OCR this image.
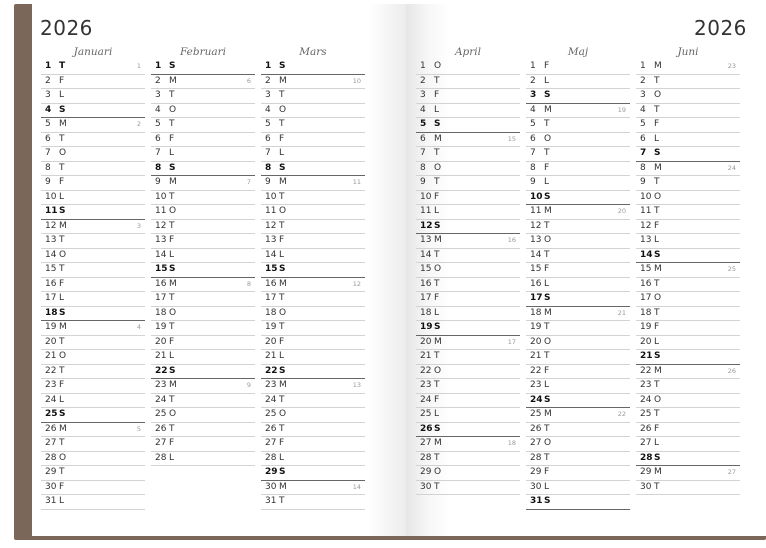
2026	2026
Januari
1 T	1
2 F
3 L
4 S
5 M	2
6 T
7 O
8 T
9 F
10 L
11 S
12 M	3
13 T
14 O
15 T
16 F
17 L
18 S
19 M	4
20 T
21 O
22 T
23 F
24 L
25 S
26 M	5
27 T
28 O
29 T
30 F
31 L
Februari
1 S
2 M	6
3 T
4 O
5 T
6 F
7 L
8 S
9 M	7
10 T
11 O
12 T
13 F
14 L
15 S
16 M	8
17 T
18 O
19 T
20 F
21 L
22 S
23 M	9
24 T
25 O
26 T
27 F
28 L
Mars
1 S
2 M	10
3 T
4 O
5 T
6 F
7 L
8 S
9 M	11
10 T
11 O
12 T
13 F
14 L
15 S
16 M	12
17 T
18 O
19 T
20 F
21 L
22 S
23 M	13
24 T
25 O
26 T
27 F
28 L
29 S
30 M	14
31 T
April
1 O
2 T
3 F
4 L
5 S
6 M	15
7 T
8 O
9 T
10 F
11 L
12 S
13 M	16
14 T
15 O
16 T
17 F
18 L
19 S
20 M	17
21 T
22 O
23 T
24 F
25 L
26 S
27 M	18
28 T
29 O
30 T
Maj
1 F
2 L
3 S
4 M	19
5 T
6 O
7 T
8 F
9 L
10 S
11 M	20
12 T
13 O
14 T
15 F
16 L
17 S
18 M	21
19 T
20 O
21 T
22 F
23 L
24 S
25 M	22
26 T
27 O
28 T
29 F
30 L
31 S
Juni
1 M	23
2 T
3 O
4 T
5 F
6 L
7 S
8 M	24
9 T
10 O
11 T
12 F
13 L
14 S
15 M	25
16 T
17 O
18 T
19 F
20 L
21 S
22 M	26
23 T
24 O
25 T
26 F
27 L
28 S
29 M	27
30 T
